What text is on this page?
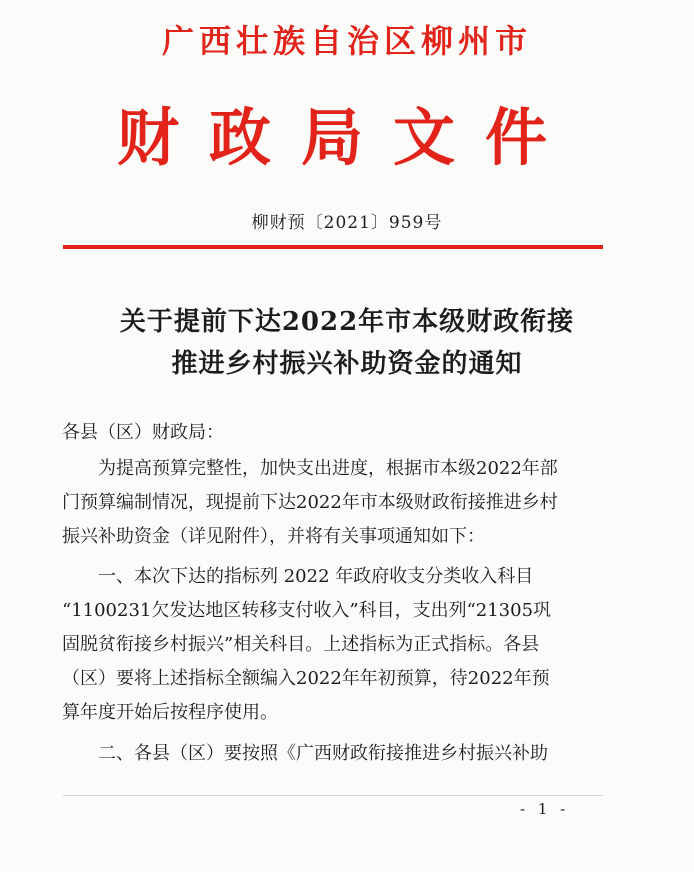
广西壮族自治区柳州市
财政局文件
柳财预〔2021〕959号
关于提前下达2022年市本级财政衔接
推进乡村振兴补助资金的通知
各县（区）财政局：
为提高预算完整性，加快支出进度，根据市本级2022年部
门预算编制情况，现提前下达2022年市本级财政衔接推进乡村
振兴补助资金（详见附件），并将有关事项通知如下：
一、本次下达的指标列 2022 年政府收支分类收入科目
“1100231欠发达地区转移支付收入”科目，支出列“21305巩
固脱贫衔接乡村振兴”相关科目。上述指标为正式指标。各县
（区）要将上述指标全额编入2022年年初预算，待2022年预
算年度开始后按程序使用。
二、各县（区）要按照《广西财政衔接推进乡村振兴补助
- 1 -
